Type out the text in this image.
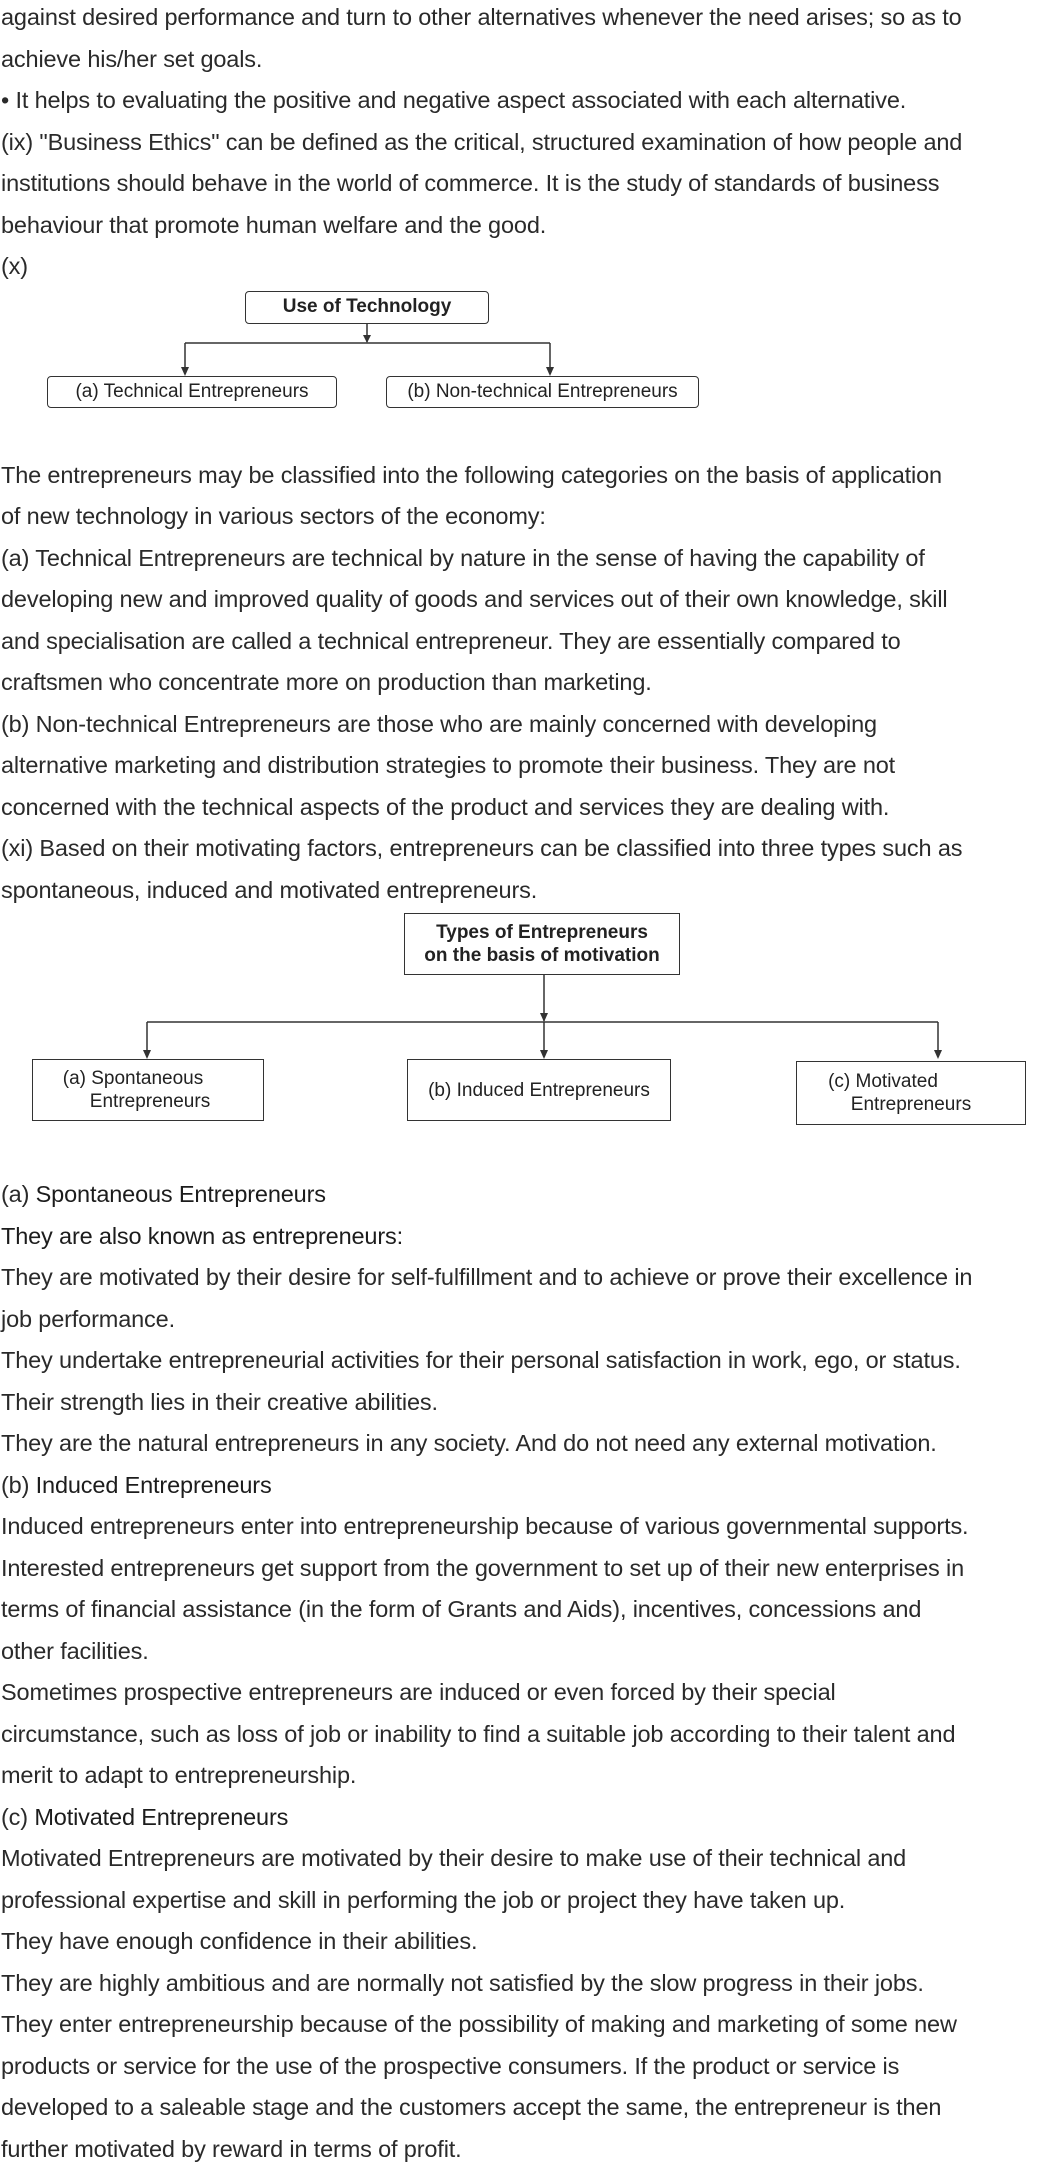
against desired performance and turn to other alternatives whenever the need arises; so as to
achieve his/her set goals.
• It helps to evaluating the positive and negative aspect associated with each alternative.
(ix) "Business Ethics" can be defined as the critical, structured examination of how people and
institutions should behave in the world of commerce. It is the study of standards of business
behaviour that promote human welfare and the good.
(x)
Use of Technology
(a) Technical Entrepreneurs	(b) Non-technical Entrepreneurs
The entrepreneurs may be classified into the following categories on the basis of application
of new technology in various sectors of the economy:
(a) Technical Entrepreneurs are technical by nature in the sense of having the capability of
developing new and improved quality of goods and services out of their own knowledge, skill
and specialisation are called a technical entrepreneur. They are essentially compared to
craftsmen who concentrate more on production than marketing.
(b) Non-technical Entrepreneurs are those who are mainly concerned with developing
alternative marketing and distribution strategies to promote their business. They are not
concerned with the technical aspects of the product and services they are dealing with.
(xi) Based on their motivating factors, entrepreneurs can be classified into three types such as
spontaneous, induced and motivated entrepreneurs.
Types of Entrepreneurs
on the basis of motivation
(a) Spontaneous
Entrepreneurs
(b) Induced Entrepreneurs	(c) Motivated
Entrepreneurs
(a) Spontaneous Entrepreneurs
They are also known as entrepreneurs:
They are motivated by their desire for self-fulfillment and to achieve or prove their excellence in
job performance.
They undertake entrepreneurial activities for their personal satisfaction in work, ego, or status.
Their strength lies in their creative abilities.
They are the natural entrepreneurs in any society. And do not need any external motivation.
(b) Induced Entrepreneurs
Induced entrepreneurs enter into entrepreneurship because of various governmental supports.
Interested entrepreneurs get support from the government to set up of their new enterprises in
terms of financial assistance (in the form of Grants and Aids), incentives, concessions and
other facilities.
Sometimes prospective entrepreneurs are induced or even forced by their special
circumstance, such as loss of job or inability to find a suitable job according to their talent and
merit to adapt to entrepreneurship.
(c) Motivated Entrepreneurs
Motivated Entrepreneurs are motivated by their desire to make use of their technical and
professional expertise and skill in performing the job or project they have taken up.
They have enough confidence in their abilities.
They are highly ambitious and are normally not satisfied by the slow progress in their jobs.
They enter entrepreneurship because of the possibility of making and marketing of some new
products or service for the use of the prospective consumers. If the product or service is
developed to a saleable stage and the customers accept the same, the entrepreneur is then
further motivated by reward in terms of profit.
